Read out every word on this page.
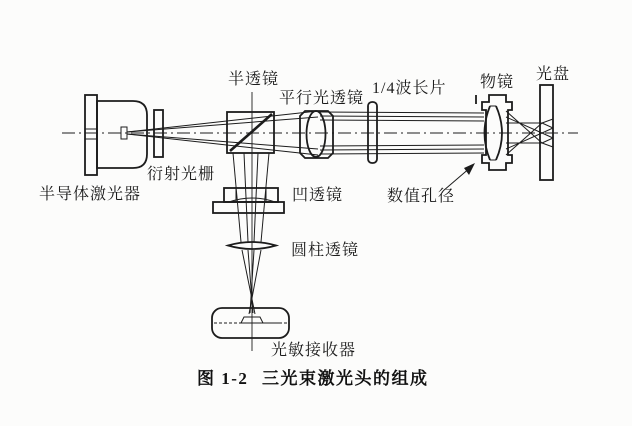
半导体激光器
衍射光栅
半透镜
平行光透镜
1/4波长片 物镜 光盘
凹透镜	数值孔径
圆柱透镜
光敏接收器
图 1-2 三光束激光头的组成
